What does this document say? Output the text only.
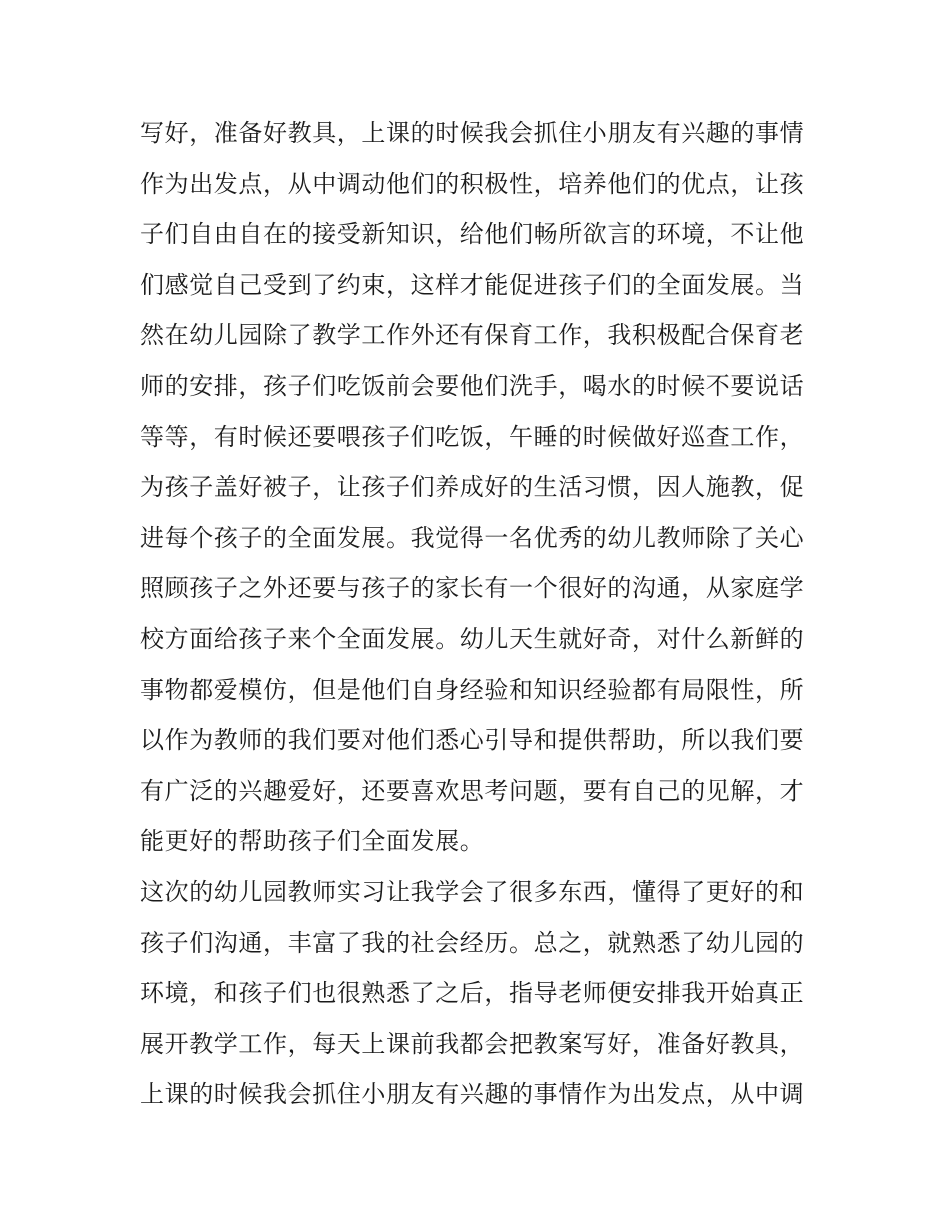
写好，准备好教具，上课的时候我会抓住小朋友有兴趣的事情
作为出发点，从中调动他们的积极性，培养他们的优点，让孩
子们自由自在的接受新知识，给他们畅所欲言的环境，不让他
们感觉自己受到了约束，这样才能促进孩子们的全面发展。当
然在幼儿园除了教学工作外还有保育工作，我积极配合保育老
师的安排，孩子们吃饭前会要他们洗手，喝水的时候不要说话
等等，有时候还要喂孩子们吃饭，午睡的时候做好巡查工作，
为孩子盖好被子，让孩子们养成好的生活习惯，因人施教，促
进每个孩子的全面发展。我觉得一名优秀的幼儿教师除了关心
照顾孩子之外还要与孩子的家长有一个很好的沟通，从家庭学
校方面给孩子来个全面发展。幼儿天生就好奇，对什么新鲜的
事物都爱模仿，但是他们自身经验和知识经验都有局限性，所
以作为教师的我们要对他们悉心引导和提供帮助，所以我们要
有广泛的兴趣爱好，还要喜欢思考问题，要有自己的见解，才
能更好的帮助孩子们全面发展。
这次的幼儿园教师实习让我学会了很多东西，懂得了更好的和
孩子们沟通，丰富了我的社会经历。总之，就熟悉了幼儿园的
环境，和孩子们也很熟悉了之后，指导老师便安排我开始真正
展开教学工作，每天上课前我都会把教案写好，准备好教具，
上课的时候我会抓住小朋友有兴趣的事情作为出发点，从中调
